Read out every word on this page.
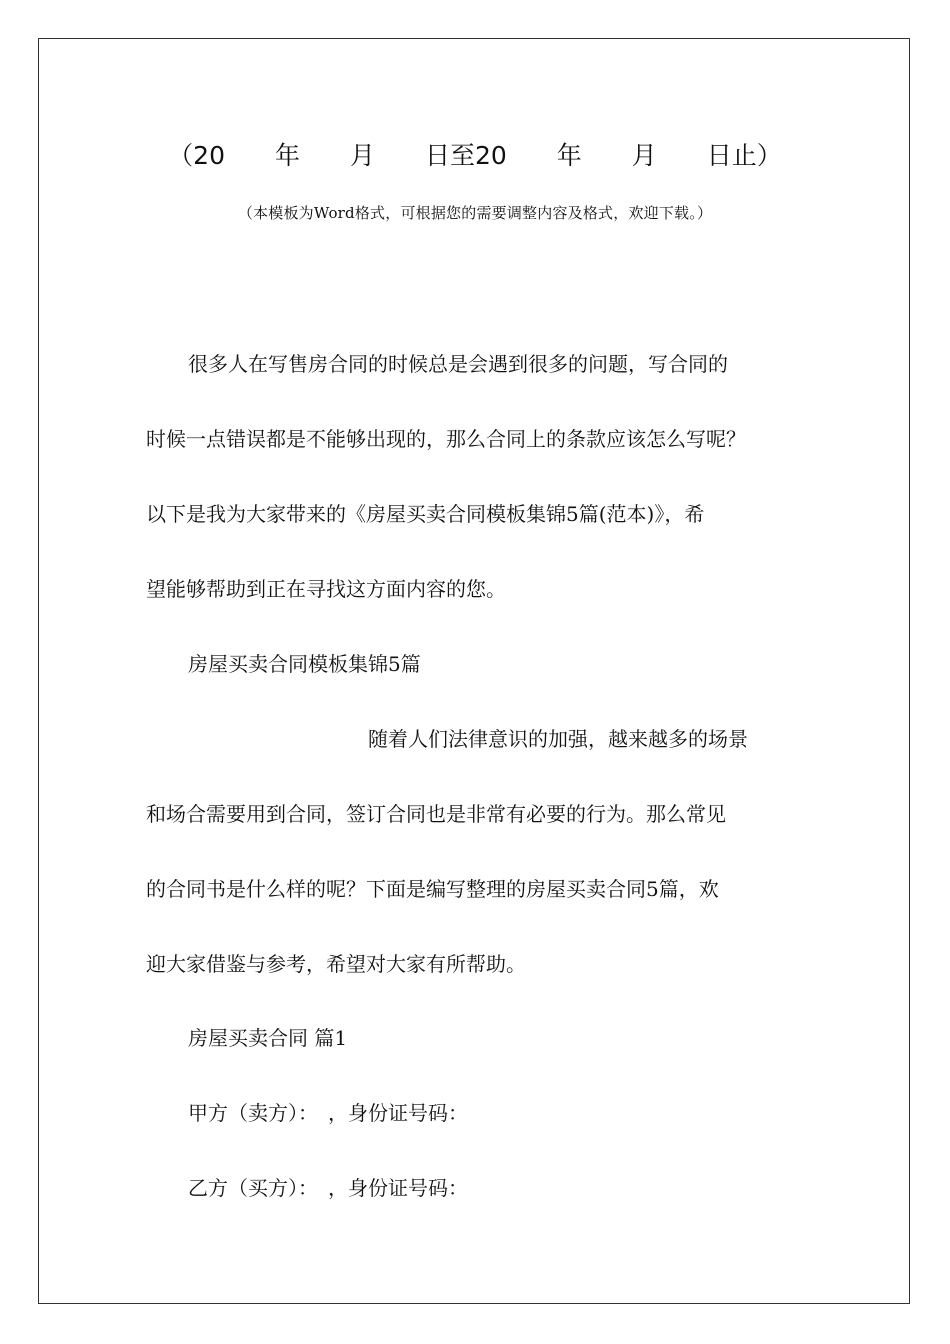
（20　　年　　月　　日至20　　年　　月　　日止）
（本模板为Word格式，可根据您的需要调整内容及格式，欢迎下载。）
很多人在写售房合同的时候总是会遇到很多的问题，写合同的
时候一点错误都是不能够出现的，那么合同上的条款应该怎么写呢？
以下是我为大家带来的《房屋买卖合同模板集锦5篇(范本)》，希
望能够帮助到正在寻找这方面内容的您。
房屋买卖合同模板集锦5篇
随着人们法律意识的加强，越来越多的场景
和场合需要用到合同，签订合同也是非常有必要的行为。那么常见
的合同书是什么样的呢？下面是编写整理的房屋买卖合同5篇，欢
迎大家借鉴与参考，希望对大家有所帮助。
房屋买卖合同 篇1
甲方（卖方）：　，身份证号码：
乙方（买方）：　，身份证号码：
